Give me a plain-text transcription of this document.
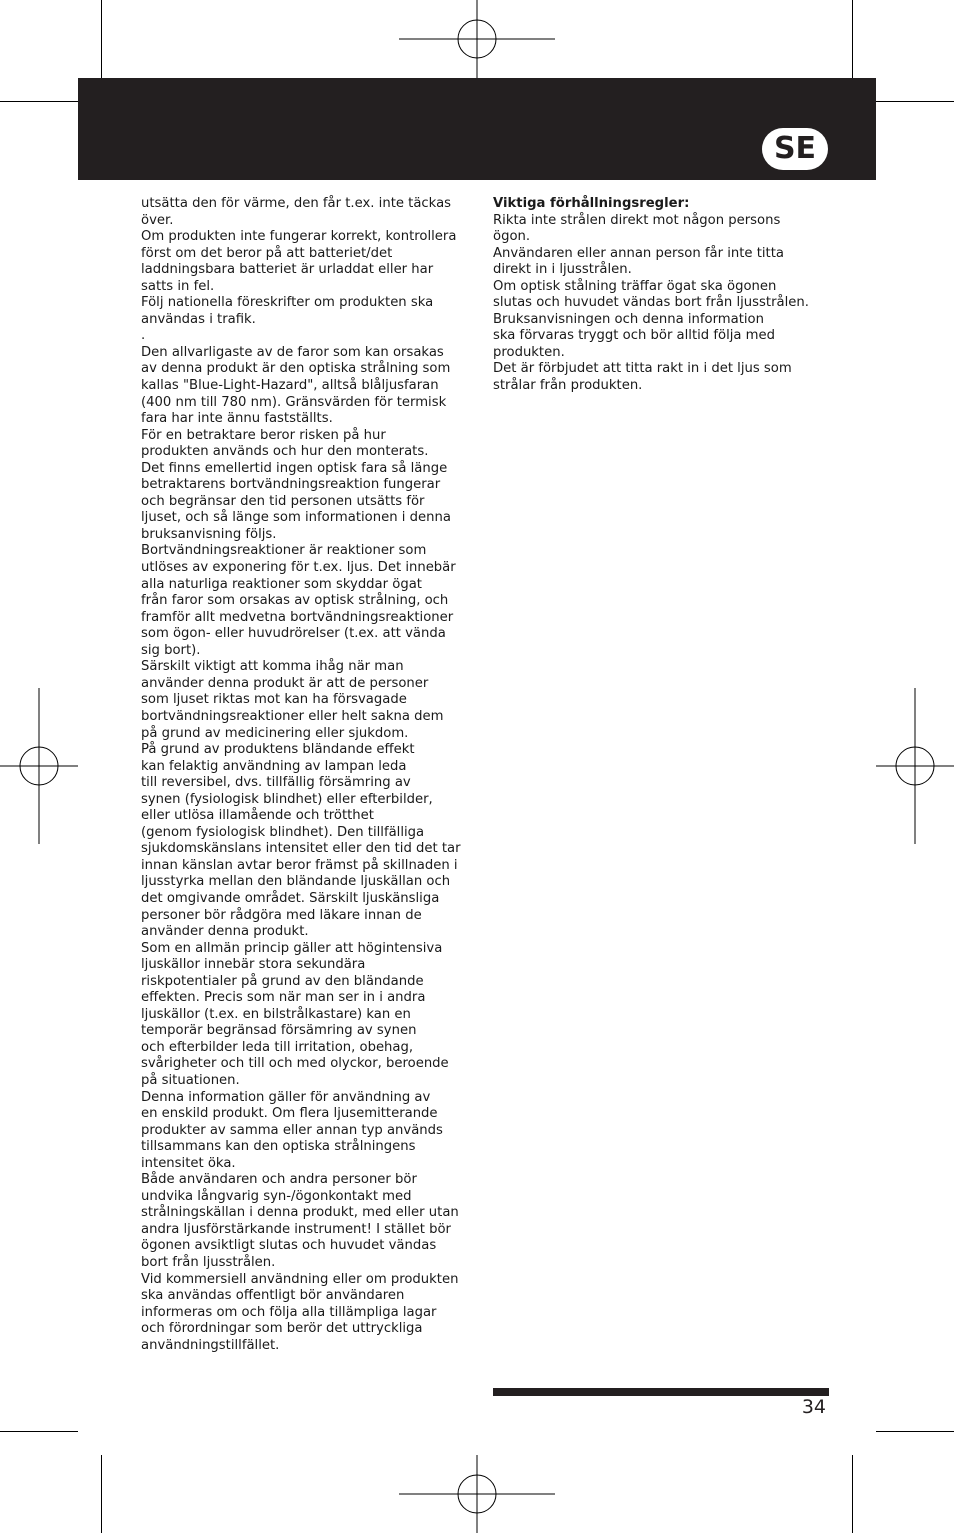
SE

utsätta den för värme, den får t.ex. inte täckas
över.

Om produkten inte fungerar korrekt, kontrollera
först om det beror på att batteriet/det
laddningsbara batteriet är urladdat eller har
satts in fel.

Följ nationella föreskrifter om produkten ska
användas i trafik.

.

Den allvarligaste av de faror som kan orsakas
av denna produkt är den optiska strålning som
kallas "Blue-Light-Hazard", alltså blåljusfaran
(400 nm till 780 nm). Gränsvärden för termisk
fara har inte ännu fastställts.

För en betraktare beror risken på hur
produkten används och hur den monterats.

Det finns emellertid ingen optisk fara så länge
betraktarens bortvändningsreaktion fungerar
och begränsar den tid personen utsätts för
ljuset, och så länge som informationen i denna
bruksanvisning följs.

Bortvändningsreaktioner är reaktioner som
utlöses av exponering för t.ex. ljus. Det innebär
alla naturliga reaktioner som skyddar ögat
från faror som orsakas av optisk strålning, och
framför allt medvetna bortvändningsreaktioner
som ögon- eller huvudrörelser (t.ex. att vända
sig bort).

Särskilt viktigt att komma ihåg när man
använder denna produkt är att de personer
som ljuset riktas mot kan ha försvagade
bortvändningsreaktioner eller helt sakna dem
på grund av medicinering eller sjukdom.

På grund av produktens bländande effekt
kan felaktig användning av lampan leda
till reversibel, dvs. tillfällig försämring av
synen (fysiologisk blindhet) eller efterbilder,
eller utlösa illamående och trötthet
(genom fysiologisk blindhet). Den tillfälliga
sjukdomskänslans intensitet eller den tid det tar
innan känslan avtar beror främst på skillnaden i
ljusstyrka mellan den bländande ljuskällan och
det omgivande området. Särskilt ljuskänsliga
personer bör rådgöra med läkare innan de
använder denna produkt.

Som en allmän princip gäller att högintensiva
ljuskällor innebär stora sekundära
riskpotentialer på grund av den bländande
effekten. Precis som när man ser in i andra
ljuskällor (t.ex. en bilstrålkastare) kan en
temporär begränsad försämring av synen
och efterbilder leda till irritation, obehag,
svårigheter och till och med olyckor, beroende
på situationen.

Denna information gäller för användning av
en enskild produkt. Om flera ljusemitterande
produkter av samma eller annan typ används
tillsammans kan den optiska strålningens
intensitet öka.

Både användaren och andra personer bör
undvika långvarig syn-/ögonkontakt med
strålningskällan i denna produkt, med eller utan
andra ljusförstärkande instrument! I stället bör
ögonen avsiktligt slutas och huvudet vändas
bort från ljusstrålen.

Vid kommersiell användning eller om produkten
ska användas offentligt bör användaren
informeras om och följa alla tillämpliga lagar
och förordningar som berör det uttryckliga
användningstillfället.

Viktiga förhållningsregler:

Rikta inte strålen direkt mot någon persons
ögon.

Användaren eller annan person får inte titta
direkt in i ljusstrålen.

Om optisk stålning träffar ögat ska ögonen
slutas och huvudet vändas bort från ljusstrålen.

Bruksanvisningen och denna information
ska förvaras tryggt och bör alltid följa med
produkten.

Det är förbjudet att titta rakt in i det ljus som
strålar från produkten.

34
